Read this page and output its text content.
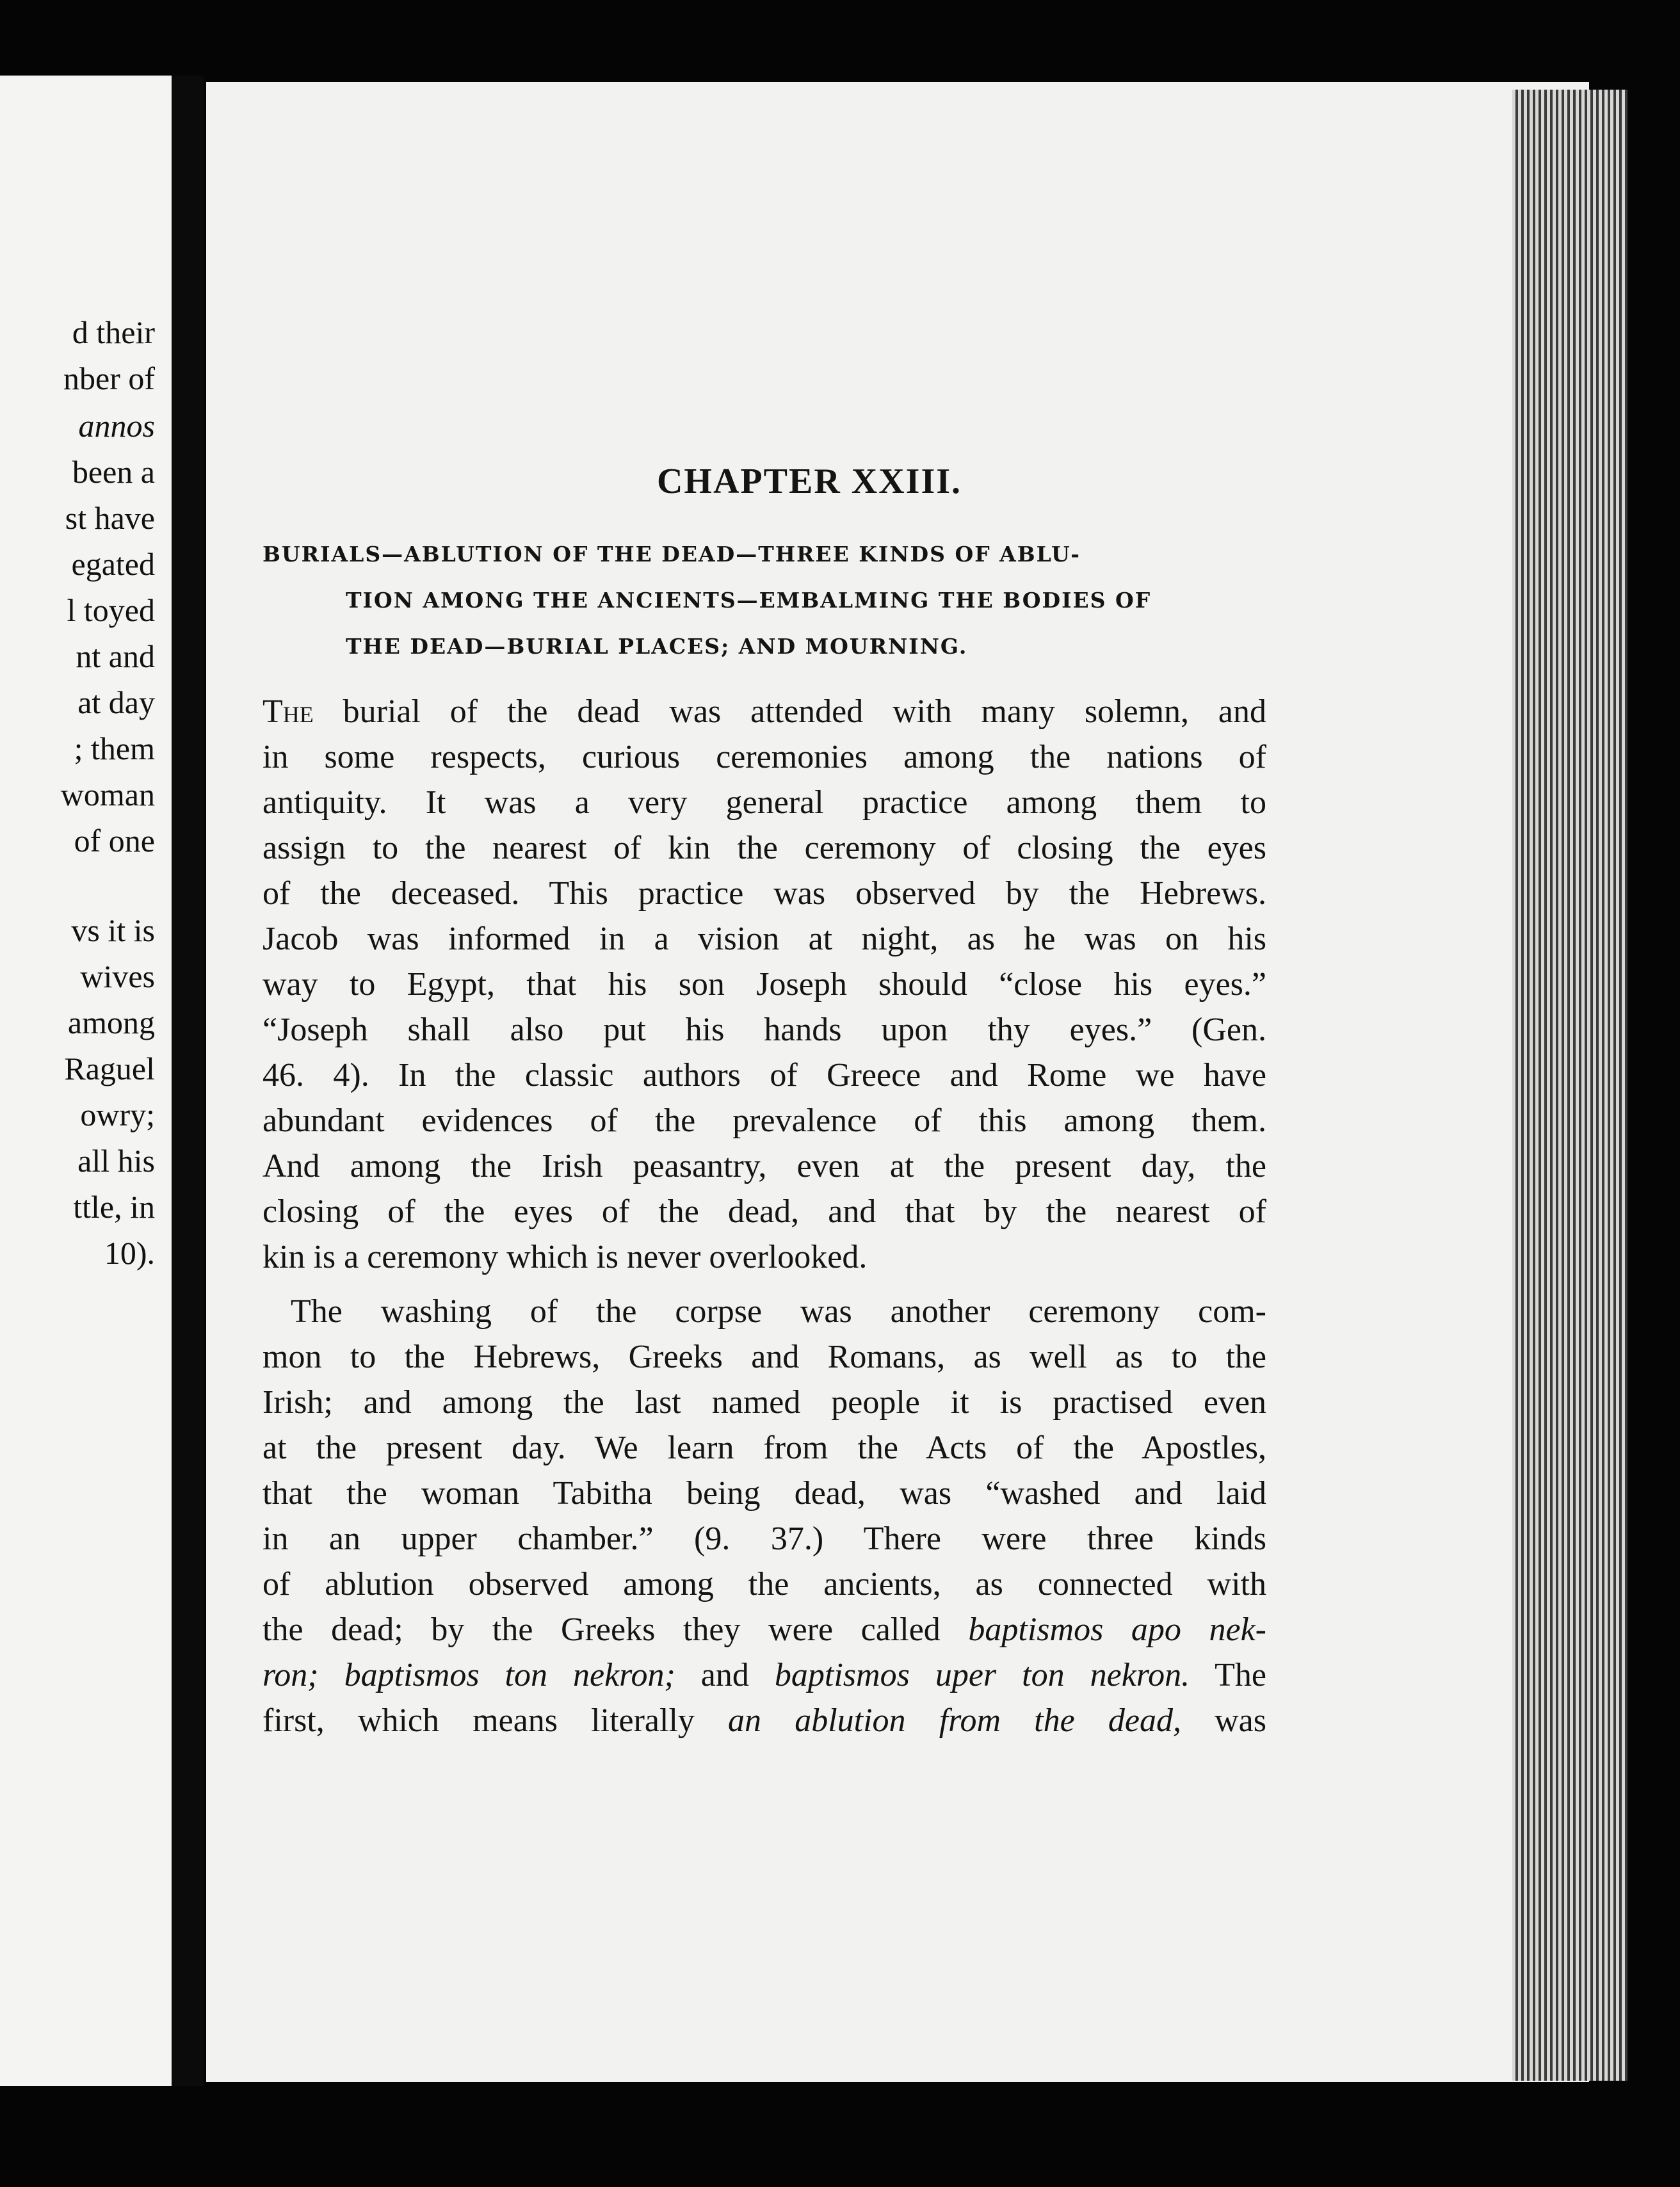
d their
nber of
annos
been a
st have
egated
l toyed
nt and
at day
; them
woman
of one
vs it is
wives
among
Raguel
owry;
all his
ttle, in
10).
CHAPTER XXIII.
BURIALS—ABLUTION OF THE DEAD—THREE KINDS OF ABLU-
TION AMONG THE ANCIENTS—EMBALMING THE BODIES OF
THE DEAD—BURIAL PLACES; AND MOURNING.

The burial of the dead was attended with many solemn, and
in some respects, curious ceremonies among the nations of
antiquity. It was a very general practice among them to
assign to the nearest of kin the ceremony of closing the eyes
of the deceased. This practice was observed by the Hebrews.
Jacob was informed in a vision at night, as he was on his
way to Egypt, that his son Joseph should “close his eyes.”
“Joseph shall also put his hands upon thy eyes.” (Gen.
46. 4). In the classic authors of Greece and Rome we have
abundant evidences of the prevalence of this among them.
And among the Irish peasantry, even at the present day, the
closing of the eyes of the dead, and that by the nearest of
kin is a ceremony which is never overlooked.

The washing of the corpse was another ceremony com-
mon to the Hebrews, Greeks and Romans, as well as to the
Irish; and among the last named people it is practised even
at the present day. We learn from the Acts of the Apostles,
that the woman Tabitha being dead, was “washed and laid
in an upper chamber.” (9. 37.) There were three kinds
of ablution observed among the ancients, as connected with
the dead; by the Greeks they were called baptismos apo nek-
ron; baptismos ton nekron; and baptismos uper ton nekron. The
first, which means literally an ablution from the dead, was
